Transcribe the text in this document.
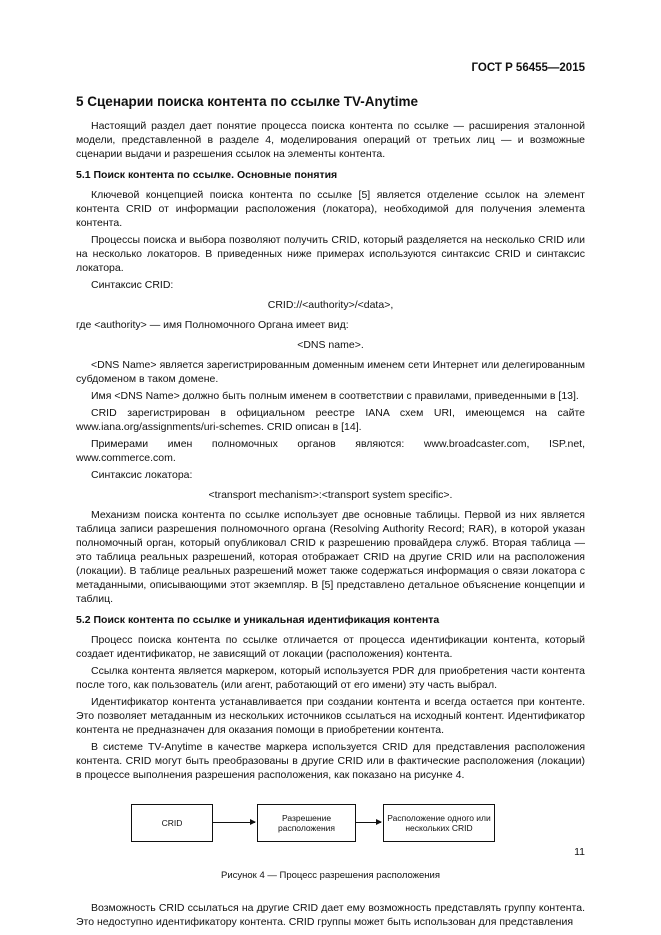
ГОСТ Р 56455—2015
5 Сценарии поиска контента по ссылке TV-Anytime

Настоящий раздел дает понятие процесса поиска контента по ссылке — расширения эталонной модели, представленной в разделе 4, моделирования операций от третьих лиц — и возможные сценарии выдачи и разрешения ссылок на элементы контента.

5.1 Поиск контента по ссылке. Основные понятия

Ключевой концепцией поиска контента по ссылке [5] является отделение ссылок на элемент контента CRID от информации расположения (локатора), необходимой для получения элемента контента.

Процессы поиска и выбора позволяют получить CRID, который разделяется на несколько CRID или на несколько локаторов. В приведенных ниже примерах используются синтаксис CRID и синтаксис локатора.

Синтаксис CRID:

CRID://<authority>/<data>,

где <authority> — имя Полномочного Органа имеет вид:

<DNS name>.

<DNS Name> является зарегистрированным доменным именем сети Интернет или делегированным субдоменом в таком домене.

Имя <DNS Name> должно быть полным именем в соответствии с правилами, приведенными в [13].

CRID зарегистрирован в официальном реестре IANA схем URI, имеющемся на сайте www.iana.org/assignments/uri-schemes. CRID описан в [14].

Примерами имен полномочных органов являются: www.broadcaster.com, ISP.net, www.commerce.com.

Синтаксис локатора:

<transport mechanism>:<transport system specific>.

Механизм поиска контента по ссылке использует две основные таблицы. Первой из них является таблица записи разрешения полномочного органа (Resolving Authority Record; RAR), в которой указан полномочный орган, который опубликовал CRID к разрешению провайдера служб. Вторая таблица — это таблица реальных разрешений, которая отображает CRID на другие CRID или на расположения (локации). В таблице реальных разрешений может также содержаться информация о связи локатора с метаданными, описывающими этот экземпляр. В [5] представлено детальное объяснение концепции и таблиц.

5.2 Поиск контента по ссылке и уникальная идентификация контента

Процесс поиска контента по ссылке отличается от процесса идентификации контента, который создает идентификатор, не зависящий от локации (расположения) контента.

Ссылка контента является маркером, который используется PDR для приобретения части контента после того, как пользователь (или агент, работающий от его имени) эту часть выбрал.

Идентификатор контента устанавливается при создании контента и всегда остается при контенте. Это позволяет метаданным из нескольких источников ссылаться на исходный контент. Идентификатор контента не предназначен для оказания помощи в приобретении контента.

В системе TV-Anytime в качестве маркера используется CRID для представления расположения контента. CRID могут быть преобразованы в другие CRID или в фактические расположения (локации) в процессе выполнения разрешения расположения, как показано на рисунке 4.

CRID	Разрешение расположения
Расположение одного или нескольких CRID
Рисунок 4 — Процесс разрешения расположения

Возможность CRID ссылаться на другие CRID дает ему возможность представлять группу контента. Это недоступно идентификатору контента. CRID группы может быть использован для представления

11
